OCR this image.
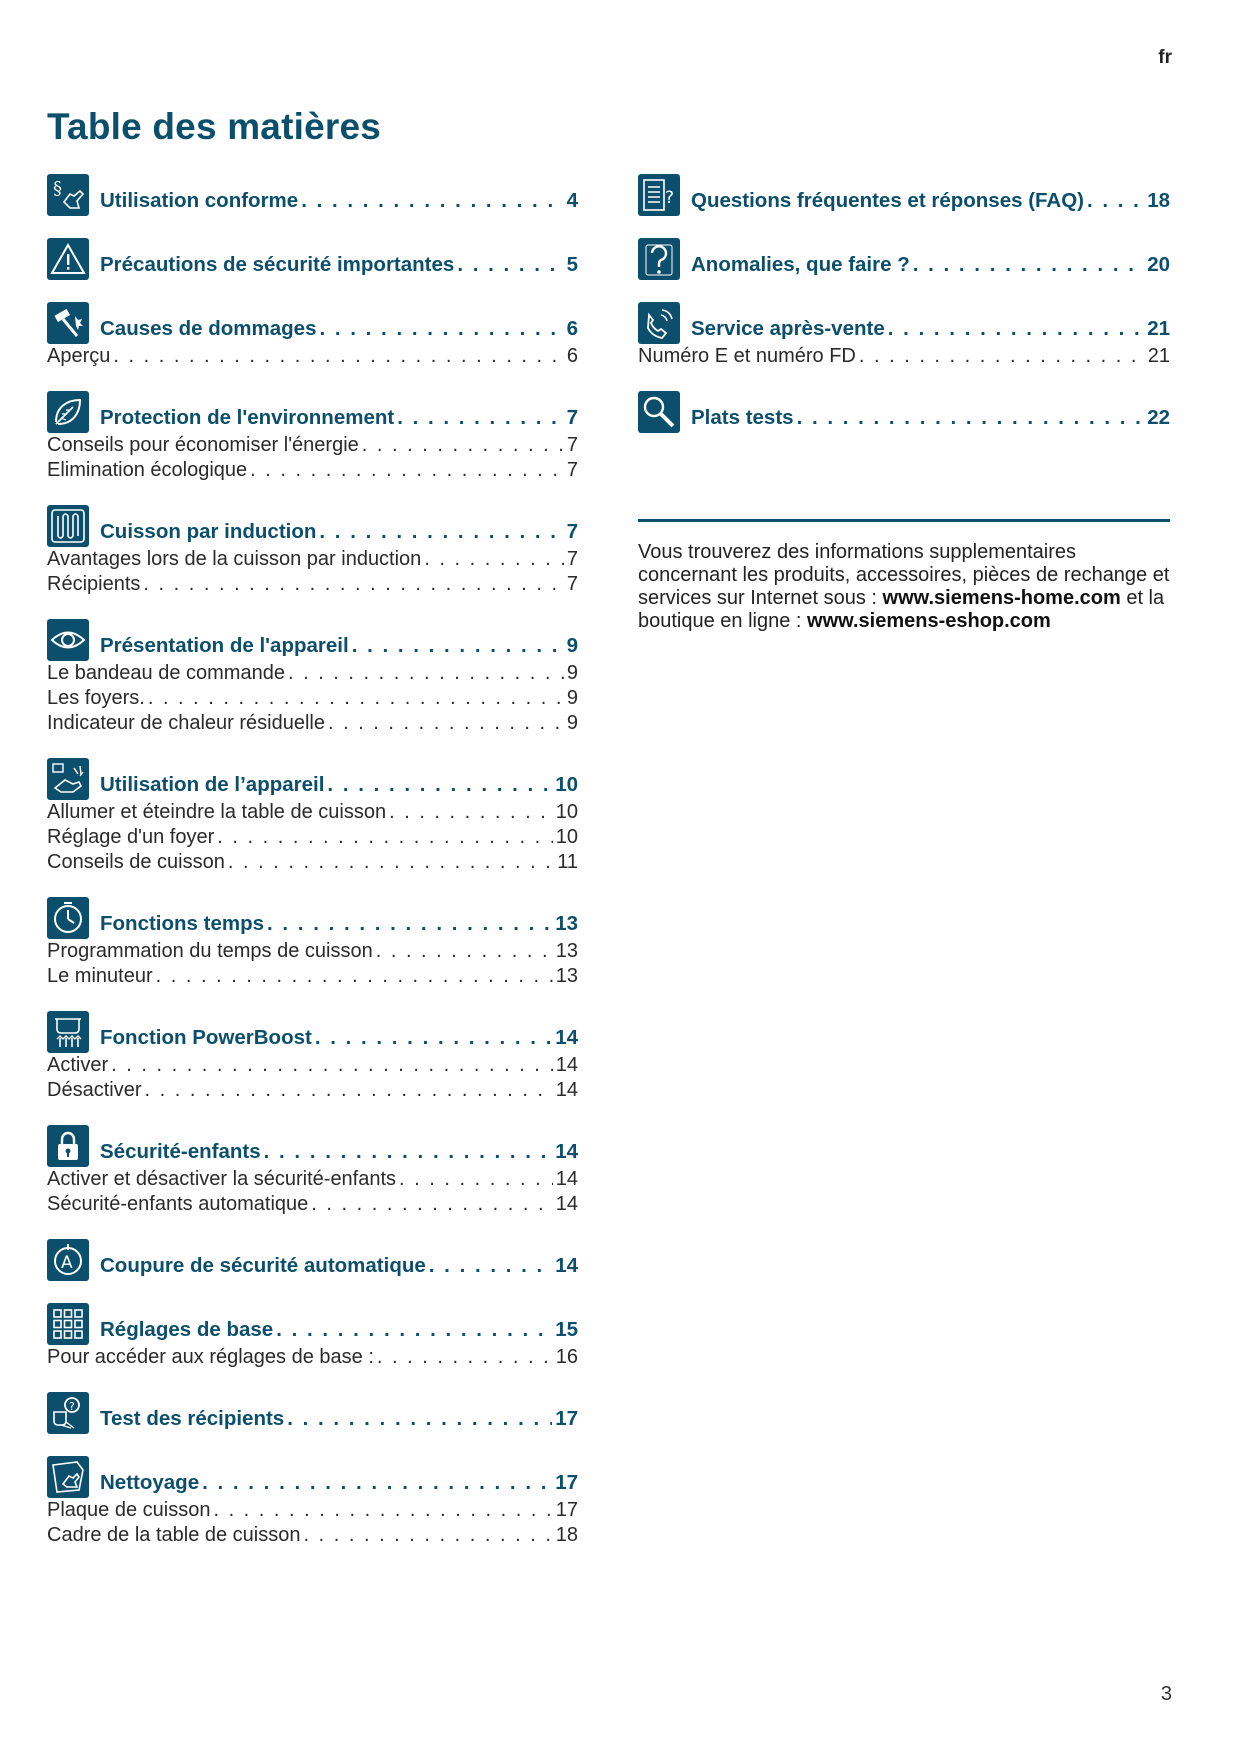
fr
Table des matières
§
Utilisation conforme . . .	4
Précautions de sécurité importantes . . .	5
Causes de dommages . . .	6
Aperçu . . .	6
Protection de l'environnement . . .	7
Conseils pour économiser l'énergie . . .	7
Elimination écologique . . .	7
Cuisson par induction . . .	7
Avantages lors de la cuisson par induction . . .	7
Récipients . . .	7
Présentation de l'appareil . . .	9
Le bandeau de commande . . .	9
Les foyers. . . .	9
Indicateur de chaleur résiduelle . . .	9
Utilisation de l’appareil . . .	10
Allumer et éteindre la table de cuisson . . .	10
Réglage d'un foyer . . .	10
Conseils de cuisson . . .	11
Fonctions temps . . .	13
Programmation du temps de cuisson . . .	13
Le minuteur . . .	13
Fonction PowerBoost . . .	14
Activer . . .	14
Désactiver . . .	14
Sécurité-enfants . . .	14
Activer et désactiver la sécurité-enfants . . .	14
Sécurité-enfants automatique . . .	14
A Coupure de sécurité automatique . . .	14
Réglages de base . . .	15
Pour accéder aux réglages de base : . . .	16
?
Test des récipients . . .	17
Nettoyage . . .	17
Plaque de cuisson . . .	17
Cadre de la table de cuisson . . .	18
? Questions fréquentes et réponses (FAQ) . . .	18
Anomalies, que faire ? . . .	20
Service après-vente . . .	21
Numéro E et numéro FD . . .	21
Plats tests . . .	22

Vous trouverez des informations supplementaires concernant les produits, accessoires, pièces de rechange et services sur Internet sous : www.siemens-home.com et la boutique en ligne : www.siemens-eshop.com

3
